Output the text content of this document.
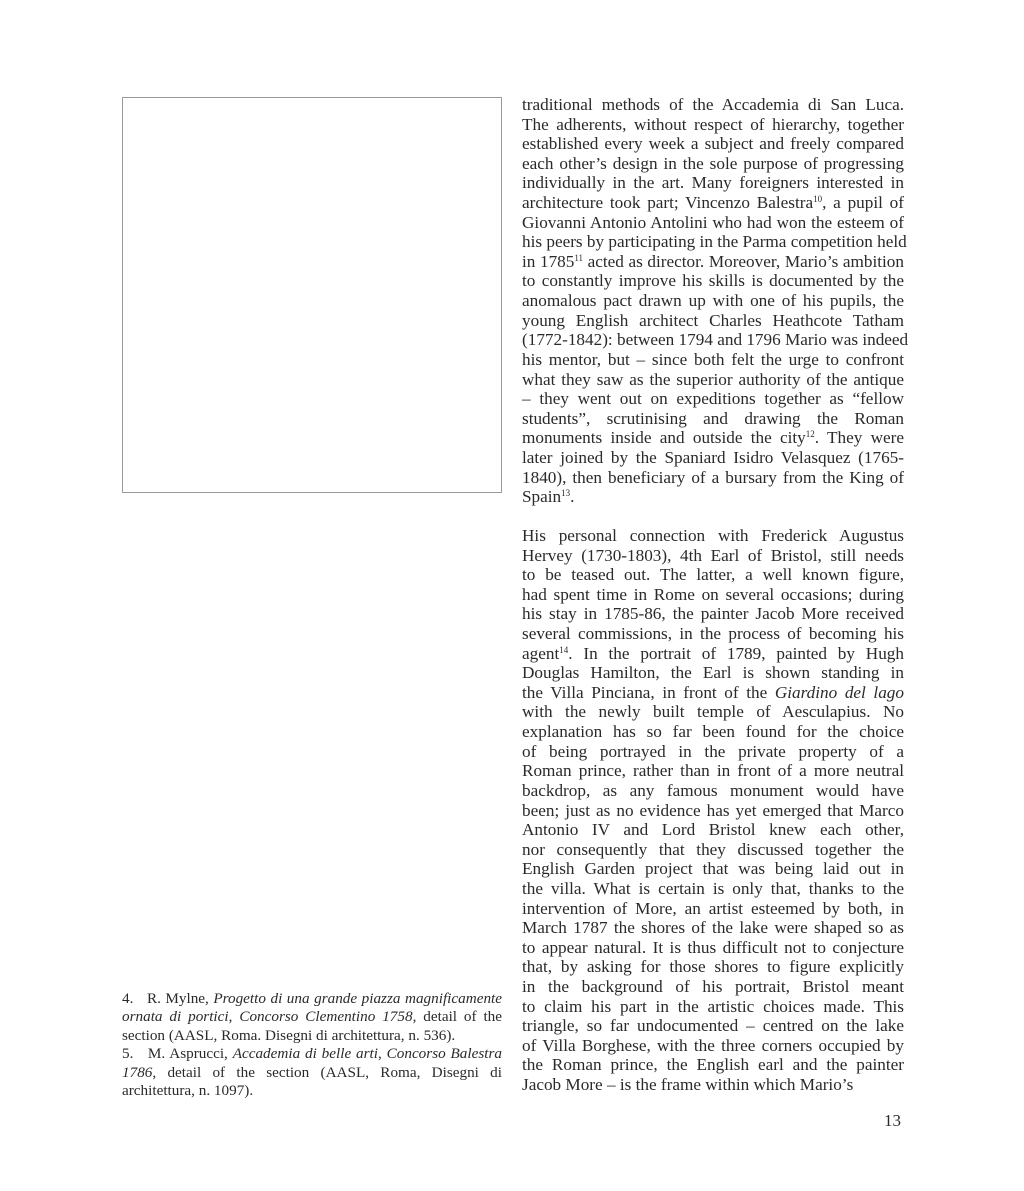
traditional methods of the Accademia di San Luca.
The adherents, without respect of hierarchy, together
established every week a subject and freely compared
each other’s design in the sole purpose of progressing
individually in the art. Many foreigners interested in
architecture took part; Vincenzo Balestra$^{10}$, a pupil of
Giovanni Antonio Antolini who had won the esteem of
his peers by participating in the Parma competition held
in 1785$^{11}$ acted as director. Moreover, Mario’s ambition
to constantly improve his skills is documented by the
anomalous pact drawn up with one of his pupils, the
young English architect Charles Heathcote Tatham
(1772-1842): between 1794 and 1796 Mario was indeed
his mentor, but – since both felt the urge to confront
what they saw as the superior authority of the antique
– they went out on expeditions together as “fellow
students”, scrutinising and drawing the Roman
monuments inside and outside the city$^{12}$. They were
later joined by the Spaniard Isidro Velasquez (1765-
1840), then beneficiary of a bursary from the King of
Spain$^{13}$.
His personal connection with Frederick Augustus
Hervey (1730-1803), 4th Earl of Bristol, still needs
to be teased out. The latter, a well known figure,
had spent time in Rome on several occasions; during
his stay in 1785-86, the painter Jacob More received
several commissions, in the process of becoming his
agent$^{14}$. In the portrait of 1789, painted by Hugh
Douglas Hamilton, the Earl is shown standing in
the Villa Pinciana, in front of the Giardino del lago
with the newly built temple of Aesculapius. No
explanation has so far been found for the choice
of being portrayed in the private property of a
Roman prince, rather than in front of a more neutral
backdrop, as any famous monument would have
been; just as no evidence has yet emerged that Marco
Antonio IV and Lord Bristol knew each other,
nor consequently that they discussed together the
English Garden project that was being laid out in
the villa. What is certain is only that, thanks to the
intervention of More, an artist esteemed by both, in
March 1787 the shores of the lake were shaped so as
to appear natural. It is thus difficult not to conjecture
that, by asking for those shores to figure explicitly
in the background of his portrait, Bristol meant
to claim his part in the artistic choices made. This
triangle, so far undocumented – centred on the lake
of Villa Borghese, with the three corners occupied by
the Roman prince, the English earl and the painter
Jacob More – is the frame within which Mario’s
4. R. Mylne, Progetto di una grande piazza magnificamente
ornata di portici, Concorso Clementino 1758, detail of the
section (AASL, Roma. Disegni di architettura, n. 536).
5. M. Asprucci, Accademia di belle arti, Concorso Balestra
1786, detail of the section (AASL, Roma, Disegni di
architettura, n. 1097).
13
